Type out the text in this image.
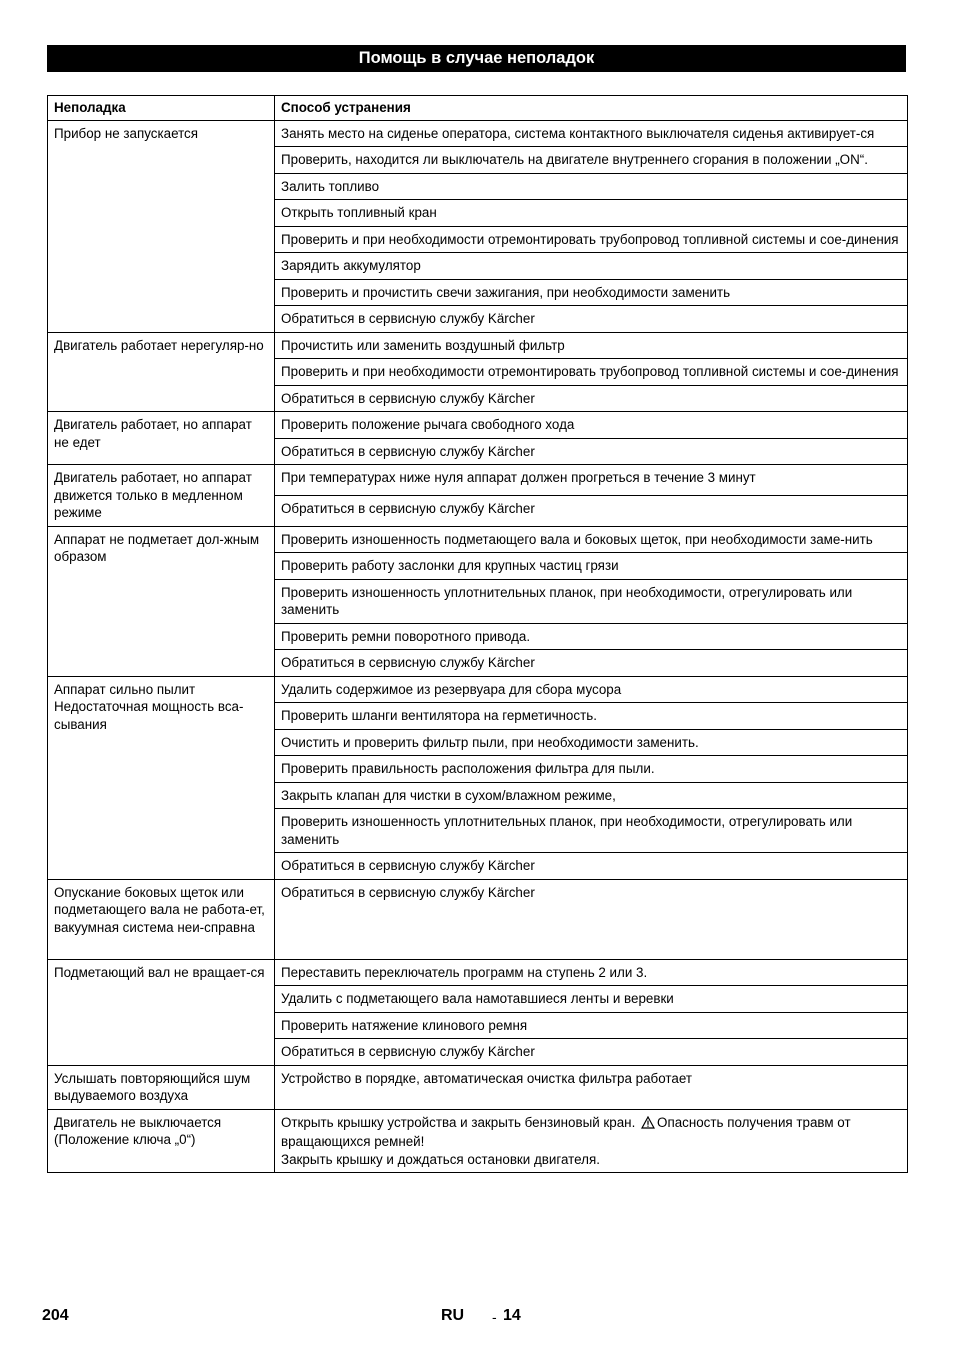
Помощь в случае неполадок
Неполадка	Способ устранения

Прибор не запускается	Занять место на сиденье оператора, система контактного выключателя сиденья активирует-ся
	Проверить, находится ли выключатель на двигателе внутреннего сгорания в положении „ON“.
	Залить топливо
	Открыть топливный кран
	Проверить и при необходимости отремонтировать трубопровод топливной системы и сое-динения
	Зарядить аккумулятор
	Проверить и прочистить свечи зажигания, при необходимости заменить
	Обратиться в сервисную службу Kärcher

Двигатель работает нерегуляр-но	Прочистить или заменить воздушный фильтр
	Проверить и при необходимости отремонтировать трубопровод топливной системы и сое-динения
	Обратиться в сервисную службу Kärcher

Двигатель работает, но аппарат не едет	Проверить положение рычага свободного хода
	Обратиться в сервисную службу Kärcher

Двигатель работает, но аппарат движется только в медленном режиме	При температурах ниже нуля аппарат должен прогреться в течение 3 минут
	Обратиться в сервисную службу Kärcher

Аппарат не подметает дол-жным образом	Проверить изношенность подметающего вала и боковых щеток, при необходимости заме-нить
	Проверить работу заслонки для крупных частиц грязи
	Проверить изношенность уплотнительных планок, при необходимости, отрегулировать или заменить
	Проверить ремни поворотного привода.
	Обратиться в сервисную службу Kärcher

Аппарат сильно пылит
Недостаточная мощность вса-сывания	Удалить содержимое из резервуара для сбора мусора
	Проверить шланги вентилятора на герметичность.
	Очистить и проверить фильтр пыли, при необходимости заменить.
	Проверить правильность расположения фильтра для пыли.
	Закрыть клапан для чистки в сухом/влажном режиме,
	Проверить изношенность уплотнительных планок, при необходимости, отрегулировать или заменить
	Обратиться в сервисную службу Kärcher

Опускание боковых щеток или подметающего вала не работа-ет, вакуумная система неи-справна	Обратиться в сервисную службу Kärcher

Подметающий вал не вращает-ся	Переставить переключатель программ на ступень 2 или 3.
	Удалить с подметающего вала намотавшиеся ленты и веревки
	Проверить натяжение клинового ремня
	Обратиться в сервисную службу Kärcher

Услышать повторяющийся шум выдуваемого воздуха	Устройство в порядке, автоматическая очистка фильтра работает
Двигатель не выключается (Положение ключа „0“)	Открыть крышку устройства и закрыть бензиновый кран. Опасность получения травм от вращающихся ремней!
Закрыть крышку и дождаться остановки двигателя.
204	RU - 14
